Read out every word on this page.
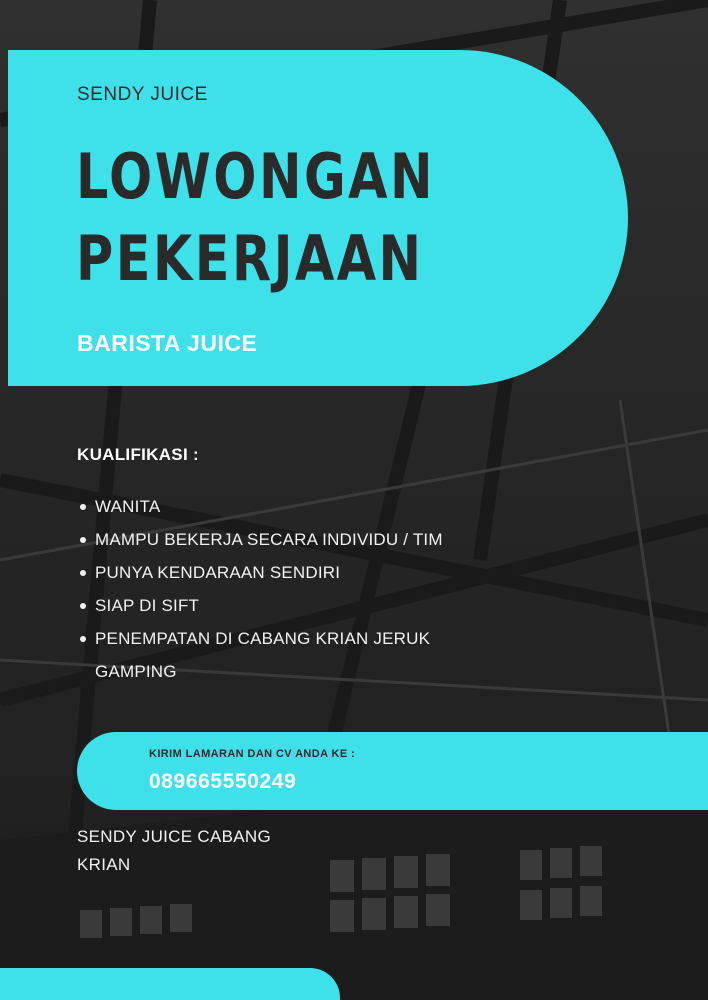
SENDY JUICE
LOWONGAN
PEKERJAAN
BARISTA JUICE
KUALIFIKASI :
WANITA
MAMPU BEKERJA SECARA INDIVIDU / TIM
PUNYA KENDARAAN SENDIRI
SIAP DI SIFT
PENEMPATAN DI CABANG KRIAN JERUK GAMPING
KIRIM LAMARAN DAN CV ANDA KE :
089665550249
SENDY JUICE CABANG
KRIAN
